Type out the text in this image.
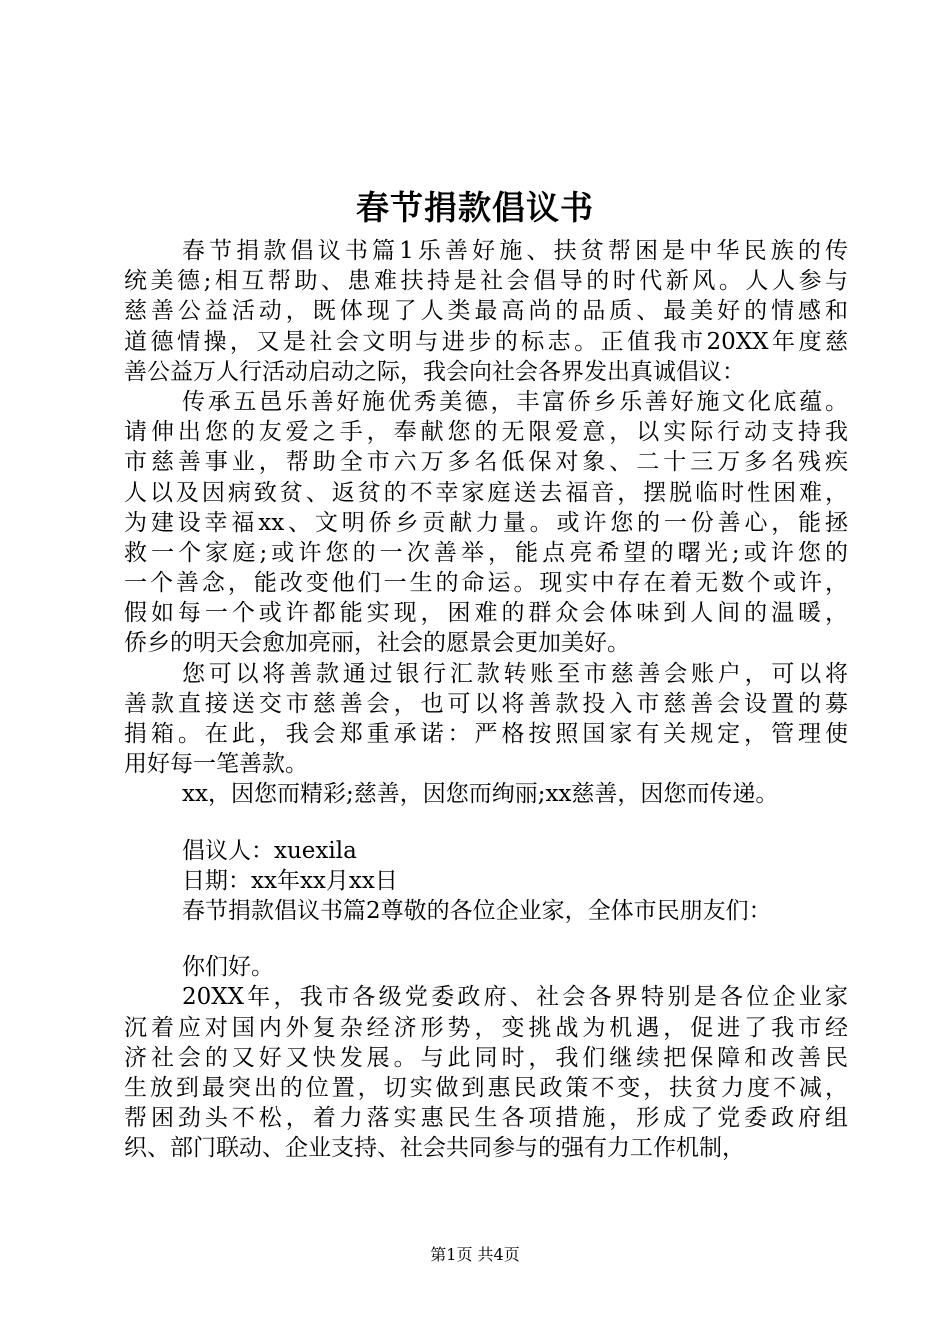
春节捐款倡议书
春节捐款倡议书篇1乐善好施、扶贫帮困是中华民族的传
统美德;相互帮助、患难扶持是社会倡导的时代新风。人人参与
慈善公益活动，既体现了人类最高尚的品质、最美好的情感和
道德情操，又是社会文明与进步的标志。正值我市20XX年度慈
善公益万人行活动启动之际，我会向社会各界发出真诚倡议：
传承五邑乐善好施优秀美德，丰富侨乡乐善好施文化底蕴。
请伸出您的友爱之手，奉献您的无限爱意，以实际行动支持我
市慈善事业，帮助全市六万多名低保对象、二十三万多名残疾
人以及因病致贫、返贫的不幸家庭送去福音，摆脱临时性困难，
为建设幸福xx、文明侨乡贡献力量。或许您的一份善心，能拯
救一个家庭;或许您的一次善举，能点亮希望的曙光;或许您的
一个善念，能改变他们一生的命运。现实中存在着无数个或许，
假如每一个或许都能实现，困难的群众会体味到人间的温暖，
侨乡的明天会愈加亮丽，社会的愿景会更加美好。
您可以将善款通过银行汇款转账至市慈善会账户，可以将
善款直接送交市慈善会，也可以将善款投入市慈善会设置的募
捐箱。在此，我会郑重承诺：严格按照国家有关规定，管理使
用好每一笔善款。
xx，因您而精彩;慈善，因您而绚丽;xx慈善，因您而传递。
倡议人：xuexila
日期：xx年xx月xx日
春节捐款倡议书篇2尊敬的各位企业家，全体市民朋友们：
你们好。
20XX年，我市各级党委政府、社会各界特别是各位企业家
沉着应对国内外复杂经济形势，变挑战为机遇，促进了我市经
济社会的又好又快发展。与此同时，我们继续把保障和改善民
生放到最突出的位置，切实做到惠民政策不变，扶贫力度不减，
帮困劲头不松，着力落实惠民生各项措施，形成了党委政府组
织、部门联动、企业支持、社会共同参与的强有力工作机制，
第1页 共4页
